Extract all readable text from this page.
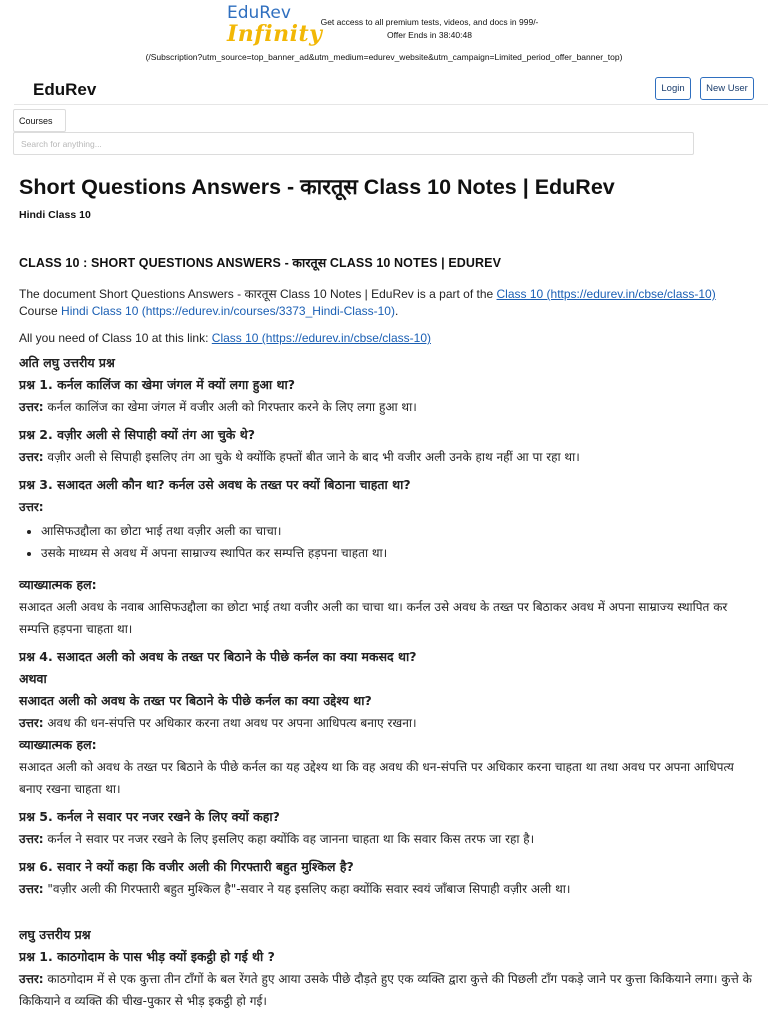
EduRev
Infinity
Get access to all premium tests, videos, and docs in 999/-
Offer Ends in 38:40:48
(/Subscription?utm_source=top_banner_ad&utm_medium=edurev_website&utm_campaign=Limited_period_offer_banner_top)
EduRev	Login	New User
Courses
Search for anything...
Short Questions Answers - कारतूस Class 10 Notes | EduRev
Hindi Class 10
CLASS 10 : SHORT QUESTIONS ANSWERS - कारतूस CLASS 10 NOTES | EDUREV

The document Short Questions Answers - कारतूस Class 10 Notes | EduRev is a part of the Class 10 (https://edurev.in/cbse/class-10) Course Hindi Class 10 (https://edurev.in/courses/3373_Hindi-Class-10).

All you need of Class 10 at this link: Class 10 (https://edurev.in/cbse/class-10)

अति लघु उत्तरीय प्रश्न
प्रश्न 1. कर्नल कालिंज का खेमा जंगल में क्यों लगा हुआ था?
उत्तर: कर्नल कालिंज का खेमा जंगल में वजीर अली को गिरफ्तार करने के लिए लगा हुआ था।
प्रश्न 2. वज़ीर अली से सिपाही क्यों तंग आ चुके थे?
उत्तर: वज़ीर अली से सिपाही इसलिए तंग आ चुके थे क्योंकि हफ्तों बीत जाने के बाद भी वजीर अली उनके हाथ नहीं आ पा रहा था।
प्रश्न 3. सआदत अली कौन था? कर्नल उसे अवध के तख्त पर क्यों बिठाना चाहता था?
उत्तर:
• आसिफउद्दौला का छोटा भाई तथा वज़ीर अली का चाचा।
• उसके माध्यम से अवध में अपना साम्राज्य स्थापित कर सम्पत्ति हड़पना चाहता था।
व्याख्यात्मक हल:
सआदत अली अवध के नवाब आसिफउद्दौला का छोटा भाई तथा वजीर अली का चाचा था। कर्नल उसे अवध के तख्त पर बिठाकर अवध में अपना साम्राज्य स्थापित कर सम्पत्ति हड़पना चाहता था।
प्रश्न 4. सआदत अली को अवध के तख्त पर बिठाने के पीछे कर्नल का क्या मकसद था?
अथवा
सआदत अली को अवध के तख्त पर बिठाने के पीछे कर्नल का क्या उद्देश्य था?
उत्तर: अवध की धन-संपत्ति पर अधिकार करना तथा अवध पर अपना आधिपत्य बनाए रखना।
व्याख्यात्मक हल:
सआदत अली को अवध के तख्त पर बिठाने के पीछे कर्नल का यह उद्देश्य था कि वह अवध की धन-संपत्ति पर अधिकार करना चाहता था तथा अवध पर अपना आधिपत्य बनाए रखना चाहता था।
प्रश्न 5. कर्नल ने सवार पर नजर रखने के लिए क्यों कहा?
उत्तर: कर्नल ने सवार पर नजर रखने के लिए इसलिए कहा क्योंकि वह जानना चाहता था कि सवार किस तरफ जा रहा है।
प्रश्न 6. सवार ने क्यों कहा कि वजीर अली की गिरफ्तारी बहुत मुश्किल है?
उत्तर: "वज़ीर अली की गिरफ्तारी बहुत मुश्किल है"-सवार ने यह इसलिए कहा क्योंकि सवार स्वयं जाँबाज सिपाही वज़ीर अली था।
लघु उत्तरीय प्रश्न
प्रश्न 1. काठगोदाम के पास भीड़ क्यों इकट्ठी हो गई थी ?
उत्तर: काठगोदाम में से एक कुत्ता तीन टाँगों के बल रेंगते हुए आया उसके पीछे दौड़ते हुए एक व्यक्ति द्वारा कुत्ते की पिछली टाँग पकड़े जाने पर कुत्ता किकियाने लगा। कुत्ते के किकियाने व व्यक्ति की चीख-पुकार से भीड़ इकट्ठी हो गई।
